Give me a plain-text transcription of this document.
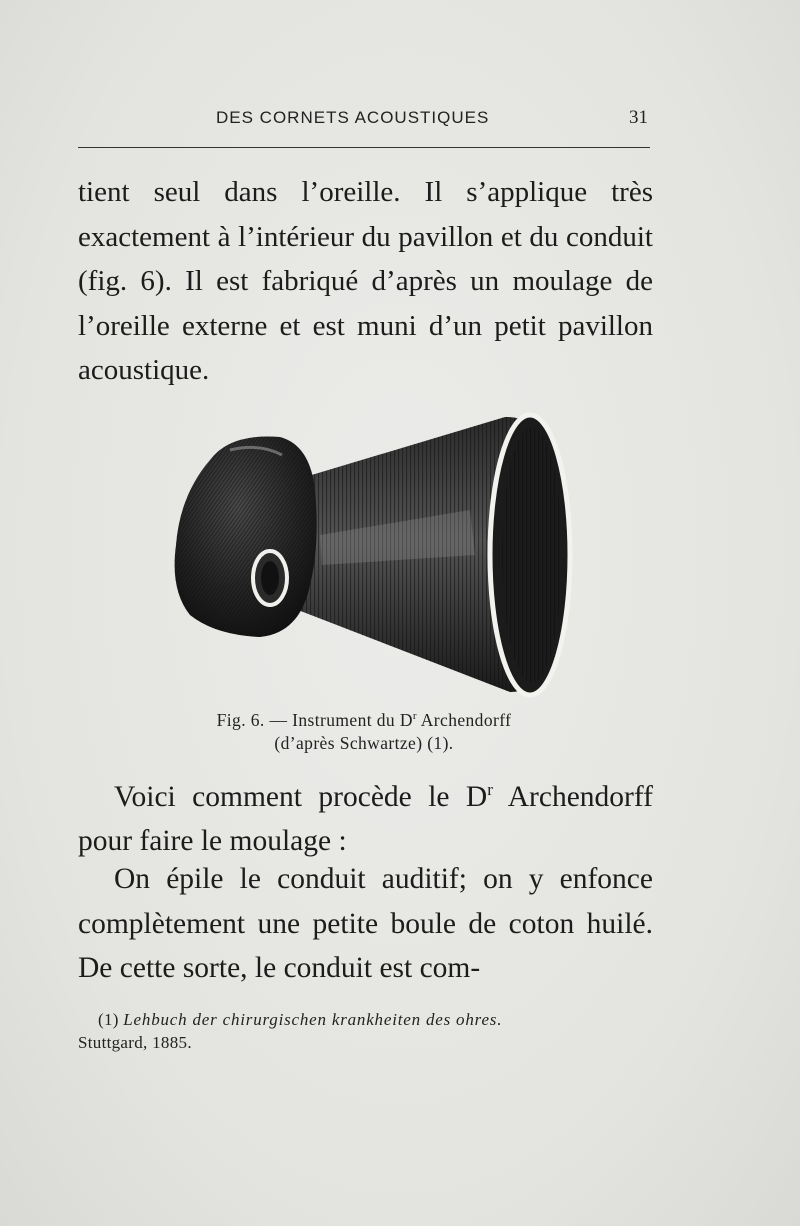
DES CORNETS ACOUSTIQUES	31

tient seul dans l’oreille. Il s’applique très exactement à l’intérieur du pavillon et du conduit (fig. 6). Il est fabriqué d’après un moulage de l’oreille externe et est muni d’un petit pavillon acoustique.

Fig. 6. — Instrument du $D^r$ Archendorff
(d’après Schwartze) (1).

Voici comment procède le $D^r$ Archendorff pour faire le moulage :

On épile le conduit auditif; on y enfonce complètement une petite boule de coton huilé. De cette sorte, le conduit est com-

(1) Lehbuch der chirurgischen krankheiten des ohres.
Stuttgard, 1885.
